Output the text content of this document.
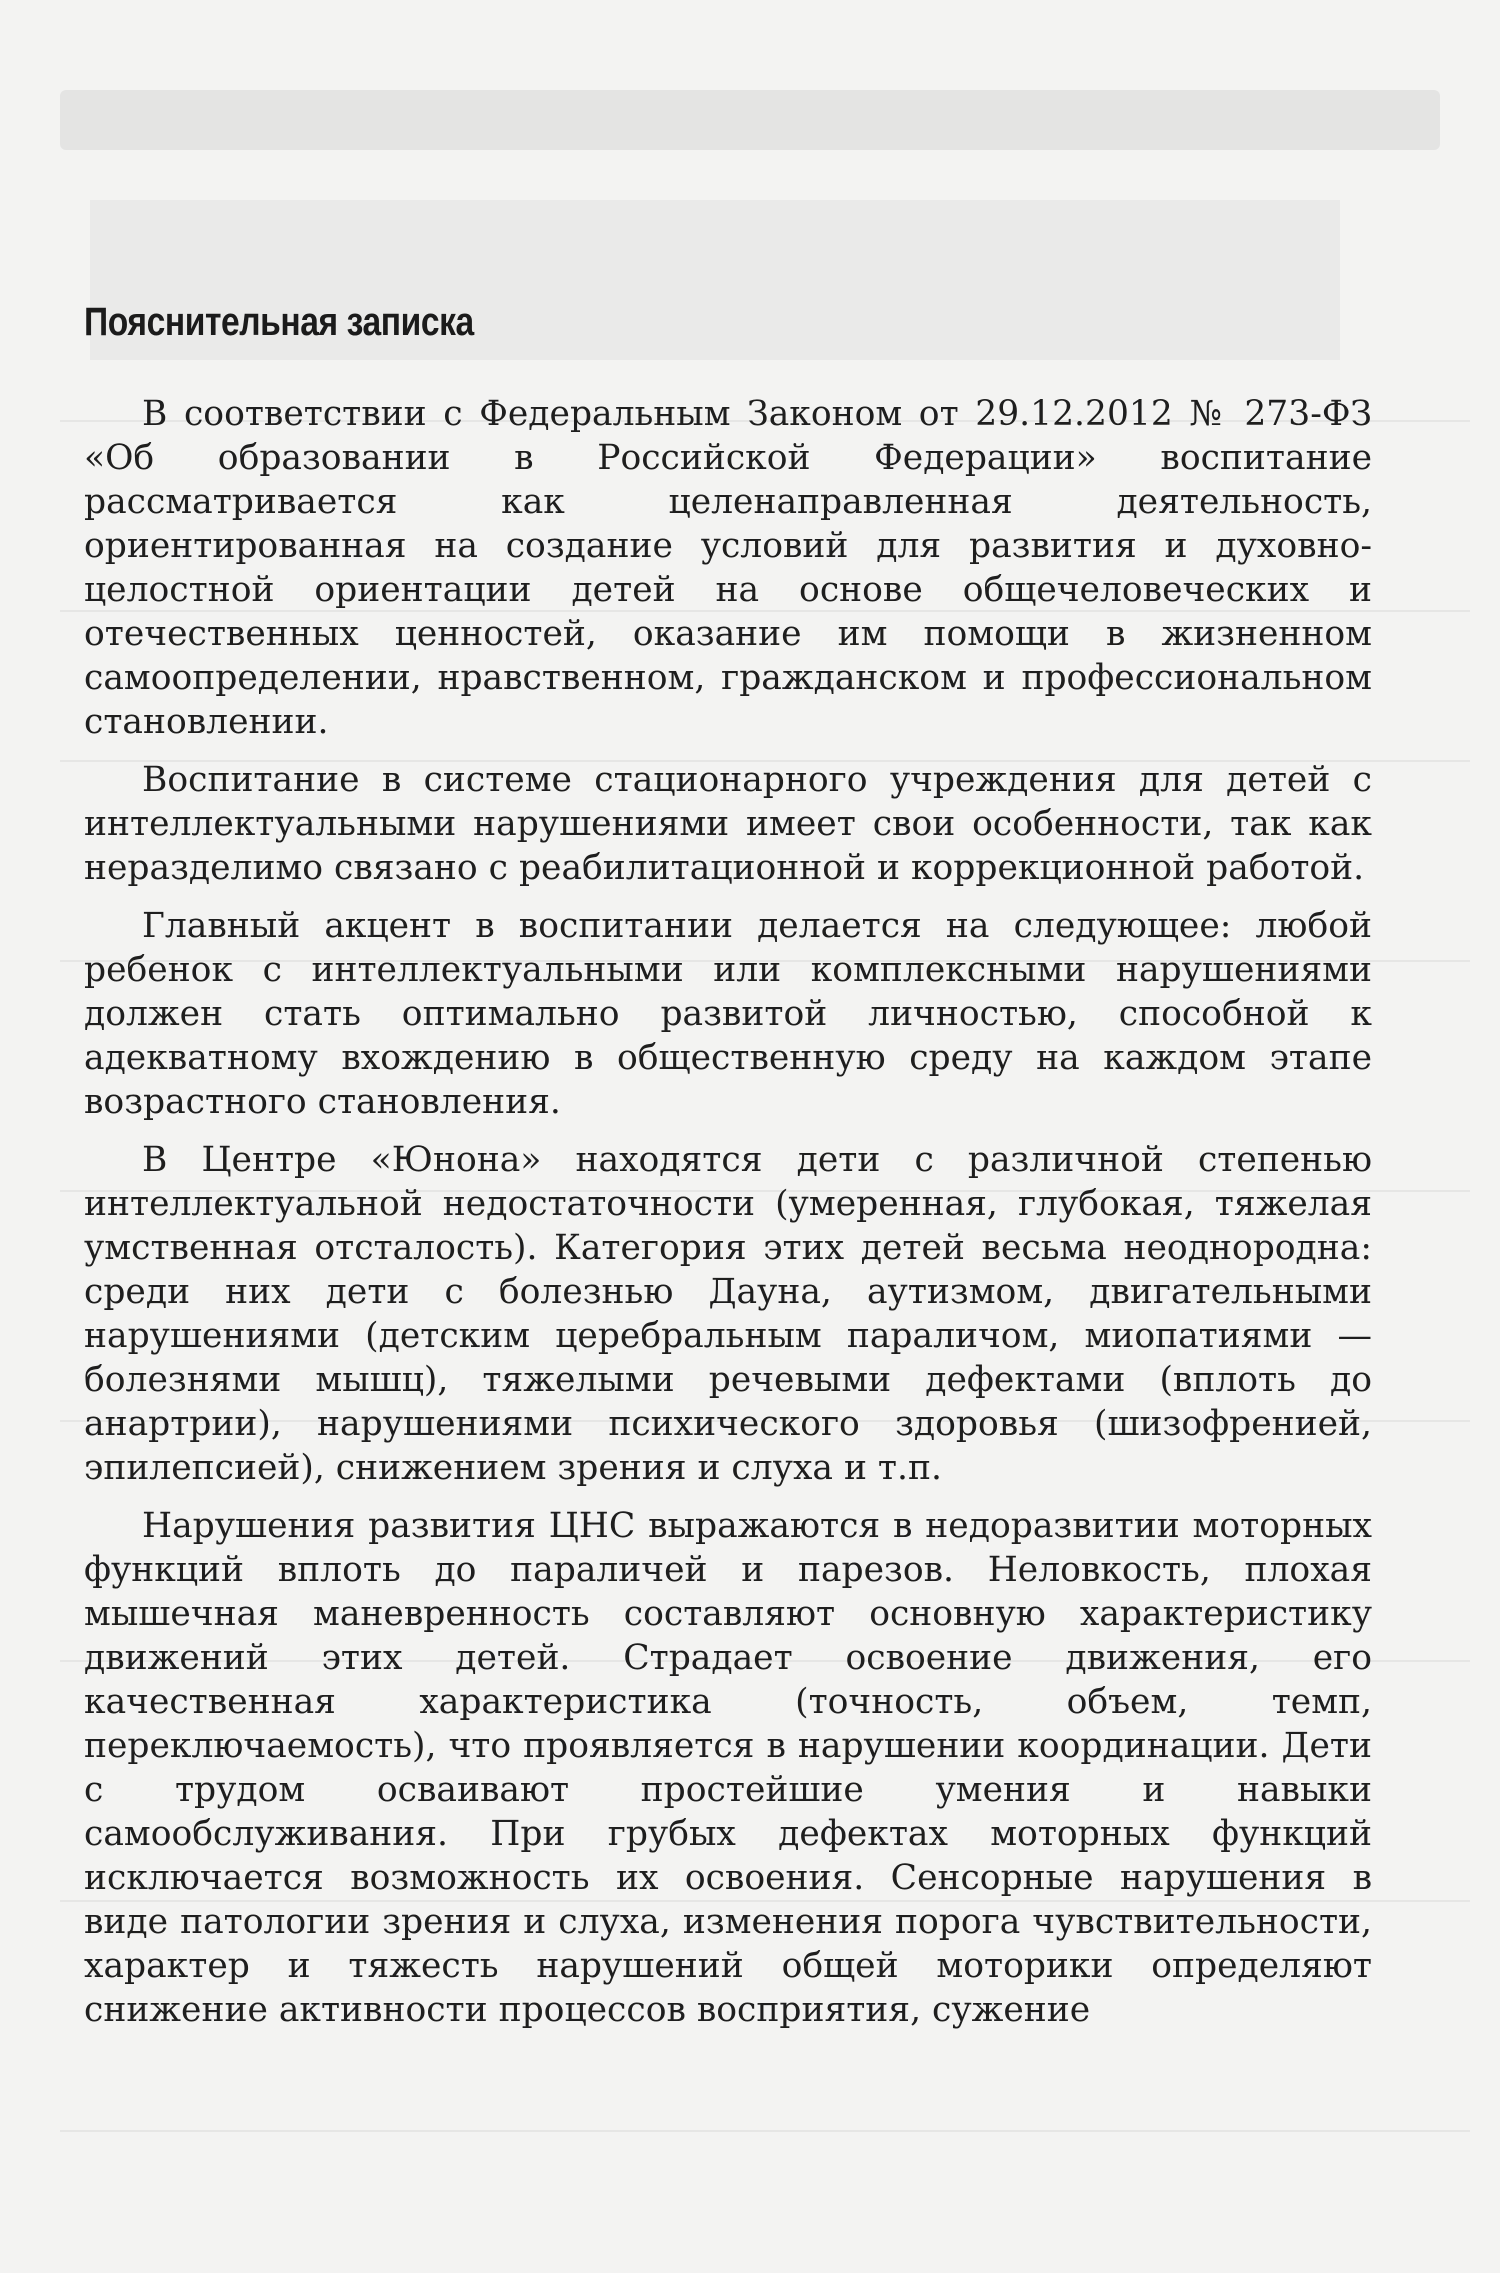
Пояснительная записка

В соответствии с Федеральным Законом от 29.12.2012 № 273-ФЗ «Об образовании в Российской Федерации» воспитание рассматривается как целенаправленная деятельность, ориентированная на создание условий для развития и духовно-целостной ориентации детей на основе общечеловеческих и отечественных ценностей, оказание им помощи в жизненном самоопределении, нравственном, гражданском и профессиональном становлении.

Воспитание в системе стационарного учреждения для детей с интеллектуальными нарушениями имеет свои особенности, так как неразделимо связано с реабилитационной и коррекционной работой.

Главный акцент в воспитании делается на следующее: любой ребенок с интеллектуальными или комплексными нарушениями должен стать оптимально развитой личностью, способной к адекватному вхождению в общественную среду на каждом этапе возрастного становления.

В Центре «Юнона» находятся дети с различной степенью интеллектуальной недостаточности (умеренная, глубокая, тяжелая умственная отсталость). Категория этих детей весьма неоднородна: среди них дети с болезнью Дауна, аутизмом, двигательными нарушениями (детским церебральным параличом, миопатиями — болезнями мышц), тяжелыми речевыми дефектами (вплоть до анартрии), нарушениями психического здоровья (шизофренией, эпилепсией), снижением зрения и слуха и т.п.

Нарушения развития ЦНС выражаются в недоразвитии моторных функций вплоть до параличей и парезов. Неловкость, плохая мышечная маневренность составляют основную характеристику движений этих детей. Страдает освоение движения, его качественная характеристика (точность, объем, темп, переключаемость), что проявляется в нарушении координации. Дети с трудом осваивают простейшие умения и навыки самообслуживания. При грубых дефектах моторных функций исключается возможность их освоения. Сенсорные нарушения в виде патологии зрения и слуха, изменения порога чувствительности, характер и тяжесть нарушений общей моторики определяют снижение активности процессов восприятия, сужение
